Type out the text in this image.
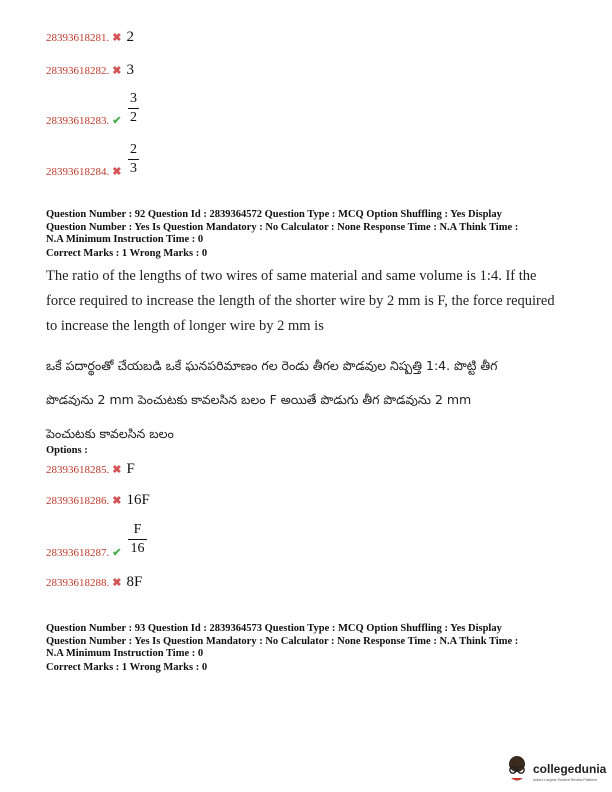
28393618281. ✖ 2
28393618282. ✖ 3
28393618283. ✔
3
2
28393618284. ✖
2
3
Question Number : 92 Question Id : 2839364572 Question Type : MCQ Option Shuffling : Yes Display
Question Number : Yes Is Question Mandatory : No Calculator : None Response Time : N.A Think Time :
N.A Minimum Instruction Time : 0
Correct Marks : 1 Wrong Marks : 0
The ratio of the lengths of two wires of same material and same volume is 1:4. If the
force required to increase the length of the shorter wire by 2 mm is F, the force required
to increase the length of longer wire by 2 mm is
ఒకే పదార్థంతో చేయబడి ఒకే ఘనపరిమాణం గల రెండు తీగల పొడవుల నిష్పత్తి 1:4. పొట్టి తీగ
పొడవును 2 mm పెంచుటకు కావలసిన బలం F అయితే పొడుగు తీగ పొడవును 2 mm
పెంచుటకు కావలసిన బలం
Options :
28393618285. ✖ F
28393618286. ✖ 16F
28393618287. ✔
F
16
28393618288. ✖ 8F
Question Number : 93 Question Id : 2839364573 Question Type : MCQ Option Shuffling : Yes Display
Question Number : Yes Is Question Mandatory : No Calculator : None Response Time : N.A Think Time :
N.A Minimum Instruction Time : 0
Correct Marks : 1 Wrong Marks : 0
collegedunia
India's Largest Student Review Platform
